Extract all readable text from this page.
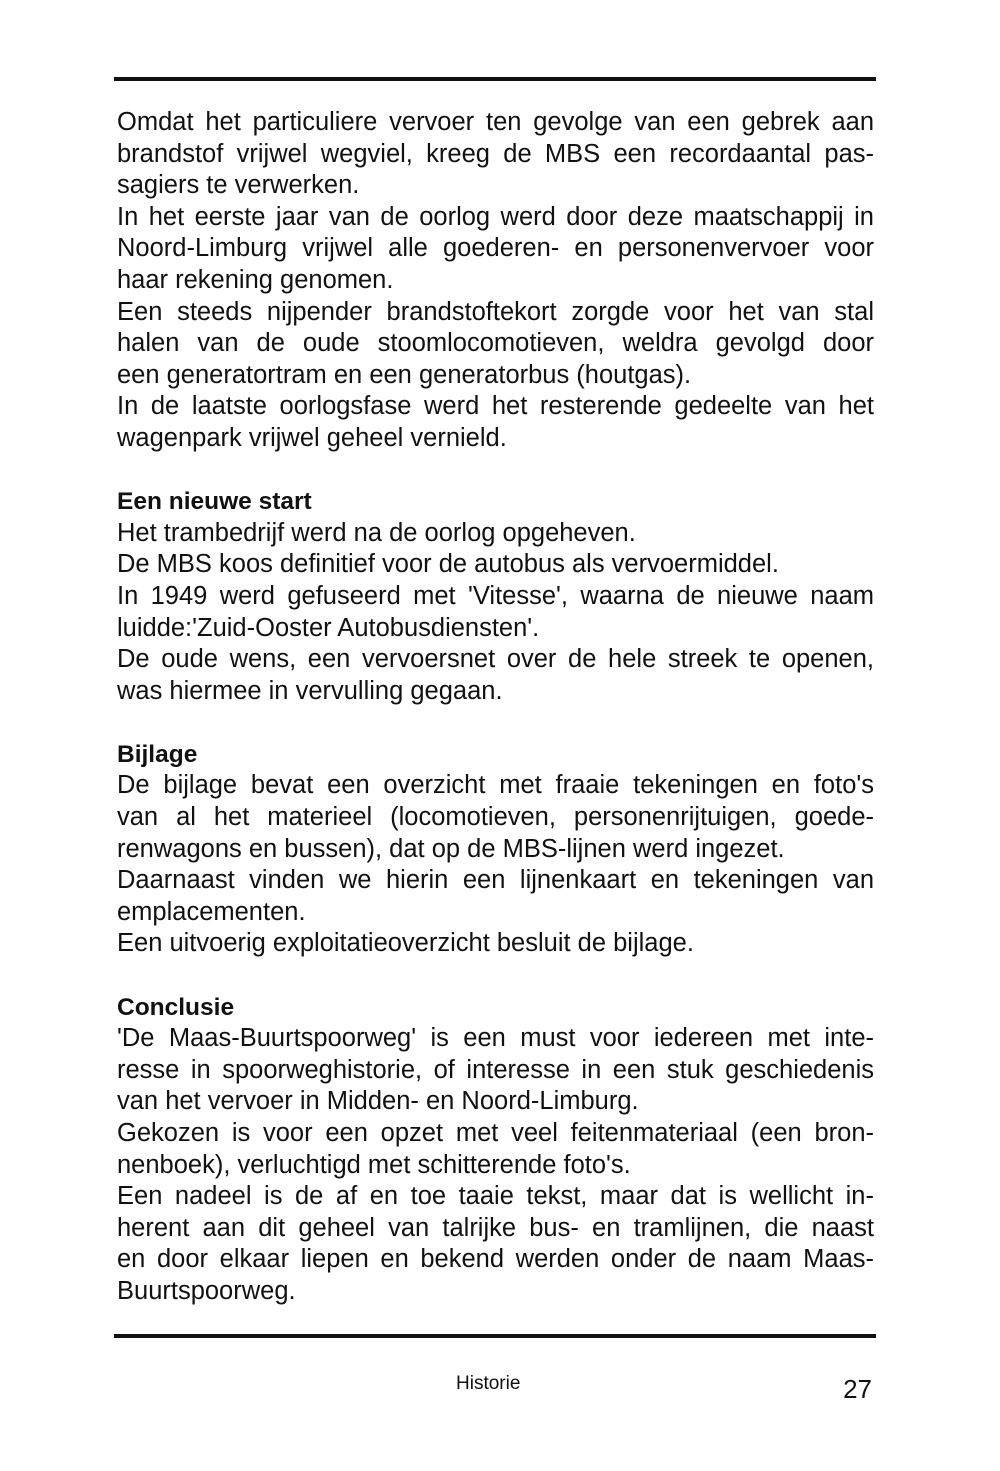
Omdat het particuliere vervoer ten gevolge van een gebrek aan
brandstof vrijwel wegviel, kreeg de MBS een recordaantal pas-
sagiers te verwerken.
In het eerste jaar van de oorlog werd door deze maatschappij in
Noord-Limburg vrijwel alle goederen- en personenvervoer voor
haar rekening genomen.
Een steeds nijpender brandstoftekort zorgde voor het van stal
halen van de oude stoomlocomotieven, weldra gevolgd door
een generatortram en een generatorbus (houtgas).
In de laatste oorlogsfase werd het resterende gedeelte van het
wagenpark vrijwel geheel vernield.
Een nieuwe start
Het trambedrijf werd na de oorlog opgeheven.
De MBS koos definitief voor de autobus als vervoermiddel.
In 1949 werd gefuseerd met 'Vitesse', waarna de nieuwe naam
luidde:'Zuid-Ooster Autobusdiensten'.
De oude wens, een vervoersnet over de hele streek te openen,
was hiermee in vervulling gegaan.
Bijlage
De bijlage bevat een overzicht met fraaie tekeningen en foto's
van al het materieel (locomotieven, personenrijtuigen, goede-
renwagons en bussen), dat op de MBS-lijnen werd ingezet.
Daarnaast vinden we hierin een lijnenkaart en tekeningen van
emplacementen.
Een uitvoerig exploitatieoverzicht besluit de bijlage.
Conclusie
'De Maas-Buurtspoorweg' is een must voor iedereen met inte-
resse in spoorweghistorie, of interesse in een stuk geschiedenis
van het vervoer in Midden- en Noord-Limburg.
Gekozen is voor een opzet met veel feitenmateriaal (een bron-
nenboek), verluchtigd met schitterende foto's.
Een nadeel is de af en toe taaie tekst, maar dat is wellicht in-
herent aan dit geheel van talrijke bus- en tramlijnen, die naast
en door elkaar liepen en bekend werden onder de naam Maas-
Buurtspoorweg.
Historie	27
